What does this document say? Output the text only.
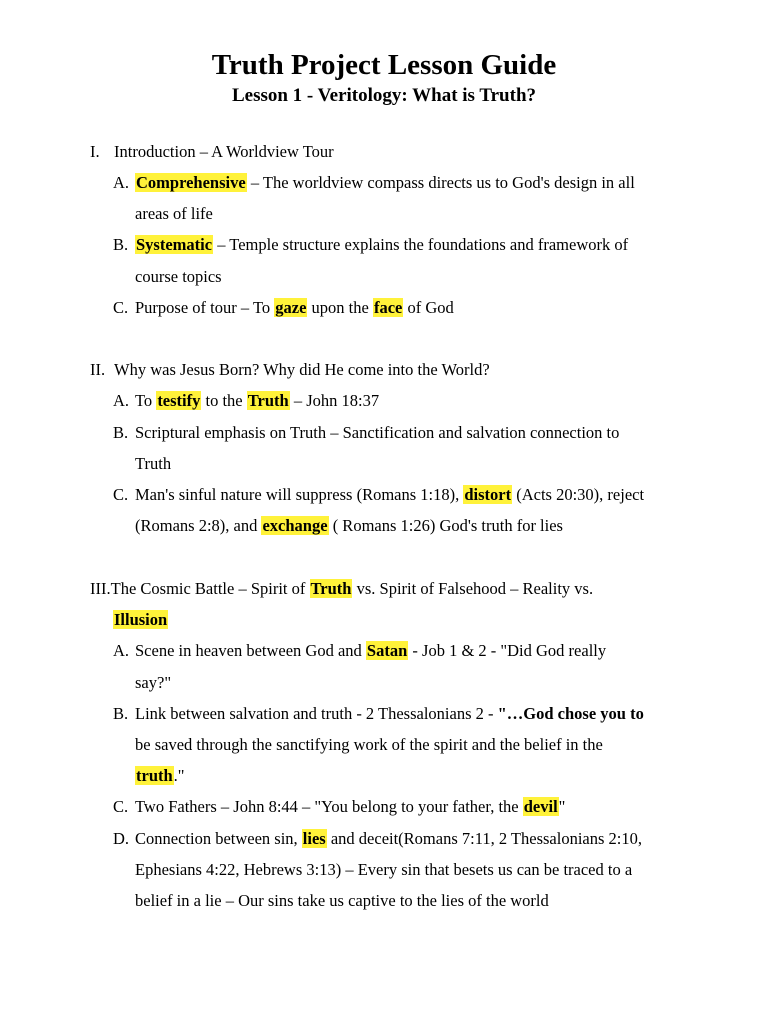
Truth Project Lesson Guide
Lesson 1 - Veritology: What is Truth?
I. Introduction – A Worldview Tour
A. Comprehensive – The worldview compass directs us to God's design in all
areas of life
B. Systematic – Temple structure explains the foundations and framework of
course topics
C. Purpose of tour – To gaze upon the face of God
II. Why was Jesus Born? Why did He come into the World?
A. To testify to the Truth – John 18:37
B. Scriptural emphasis on Truth – Sanctification and salvation connection to
Truth
C. Man's sinful nature will suppress (Romans 1:18), distort (Acts 20:30), reject
(Romans 2:8), and exchange ( Romans 1:26) God's truth for lies
III.The Cosmic Battle – Spirit of Truth vs. Spirit of Falsehood – Reality vs.
Illusion
A. Scene in heaven between God and Satan - Job 1 & 2 - "Did God really
say?"
B. Link between salvation and truth - 2 Thessalonians 2 - "…God chose you to
be saved through the sanctifying work of the spirit and the belief in the
truth."
C. Two Fathers – John 8:44 – "You belong to your father, the devil"
D. Connection between sin, lies and deceit(Romans 7:11, 2 Thessalonians 2:10,
Ephesians 4:22, Hebrews 3:13) – Every sin that besets us can be traced to a
belief in a lie – Our sins take us captive to the lies of the world
